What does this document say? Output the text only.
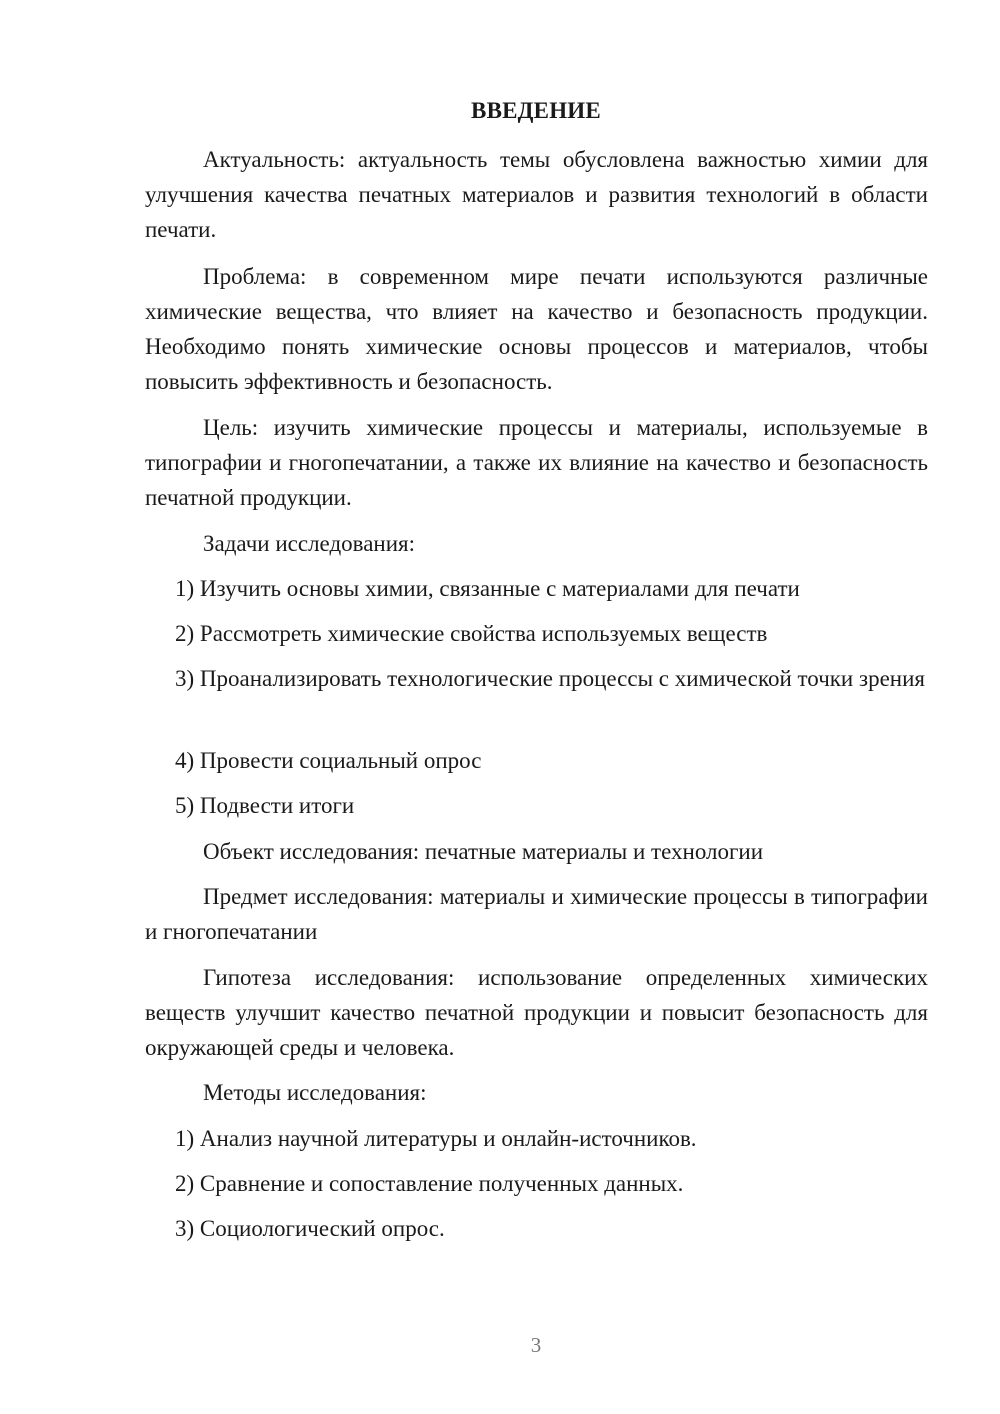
ВВЕДЕНИЕ

Актуальность: актуальность темы обусловлена важностью химии для улучшения качества печатных материалов и развития технологий в области печати.

Проблема: в современном мире печати используются различные химические вещества, что влияет на качество и безопасность продукции. Необходимо понять химические основы процессов и материалов, чтобы повысить эффективность и безопасность.

Цель: изучить химические процессы и материалы, используемые в типографии и гногопечатании, а также их влияние на качество и безопасность печатной продукции.

Задачи исследования:

1) Изучить основы химии, связанные с материалами для печати

2) Рассмотреть химические свойства используемых веществ

3) Проанализировать технологические процессы с химической точки зрения

4) Провести социальный опрос

5) Подвести итоги

Объект исследования: печатные материалы и технологии

Предмет исследования: материалы и химические процессы в типографии и гногопечатании

Гипотеза исследования: использование определенных химических веществ улучшит качество печатной продукции и повысит безопасность для окружающей среды и человека.

Методы исследования:

1) Анализ научной литературы и онлайн-источников.

2) Сравнение и сопоставление полученных данных.

3) Социологический опрос.

3
